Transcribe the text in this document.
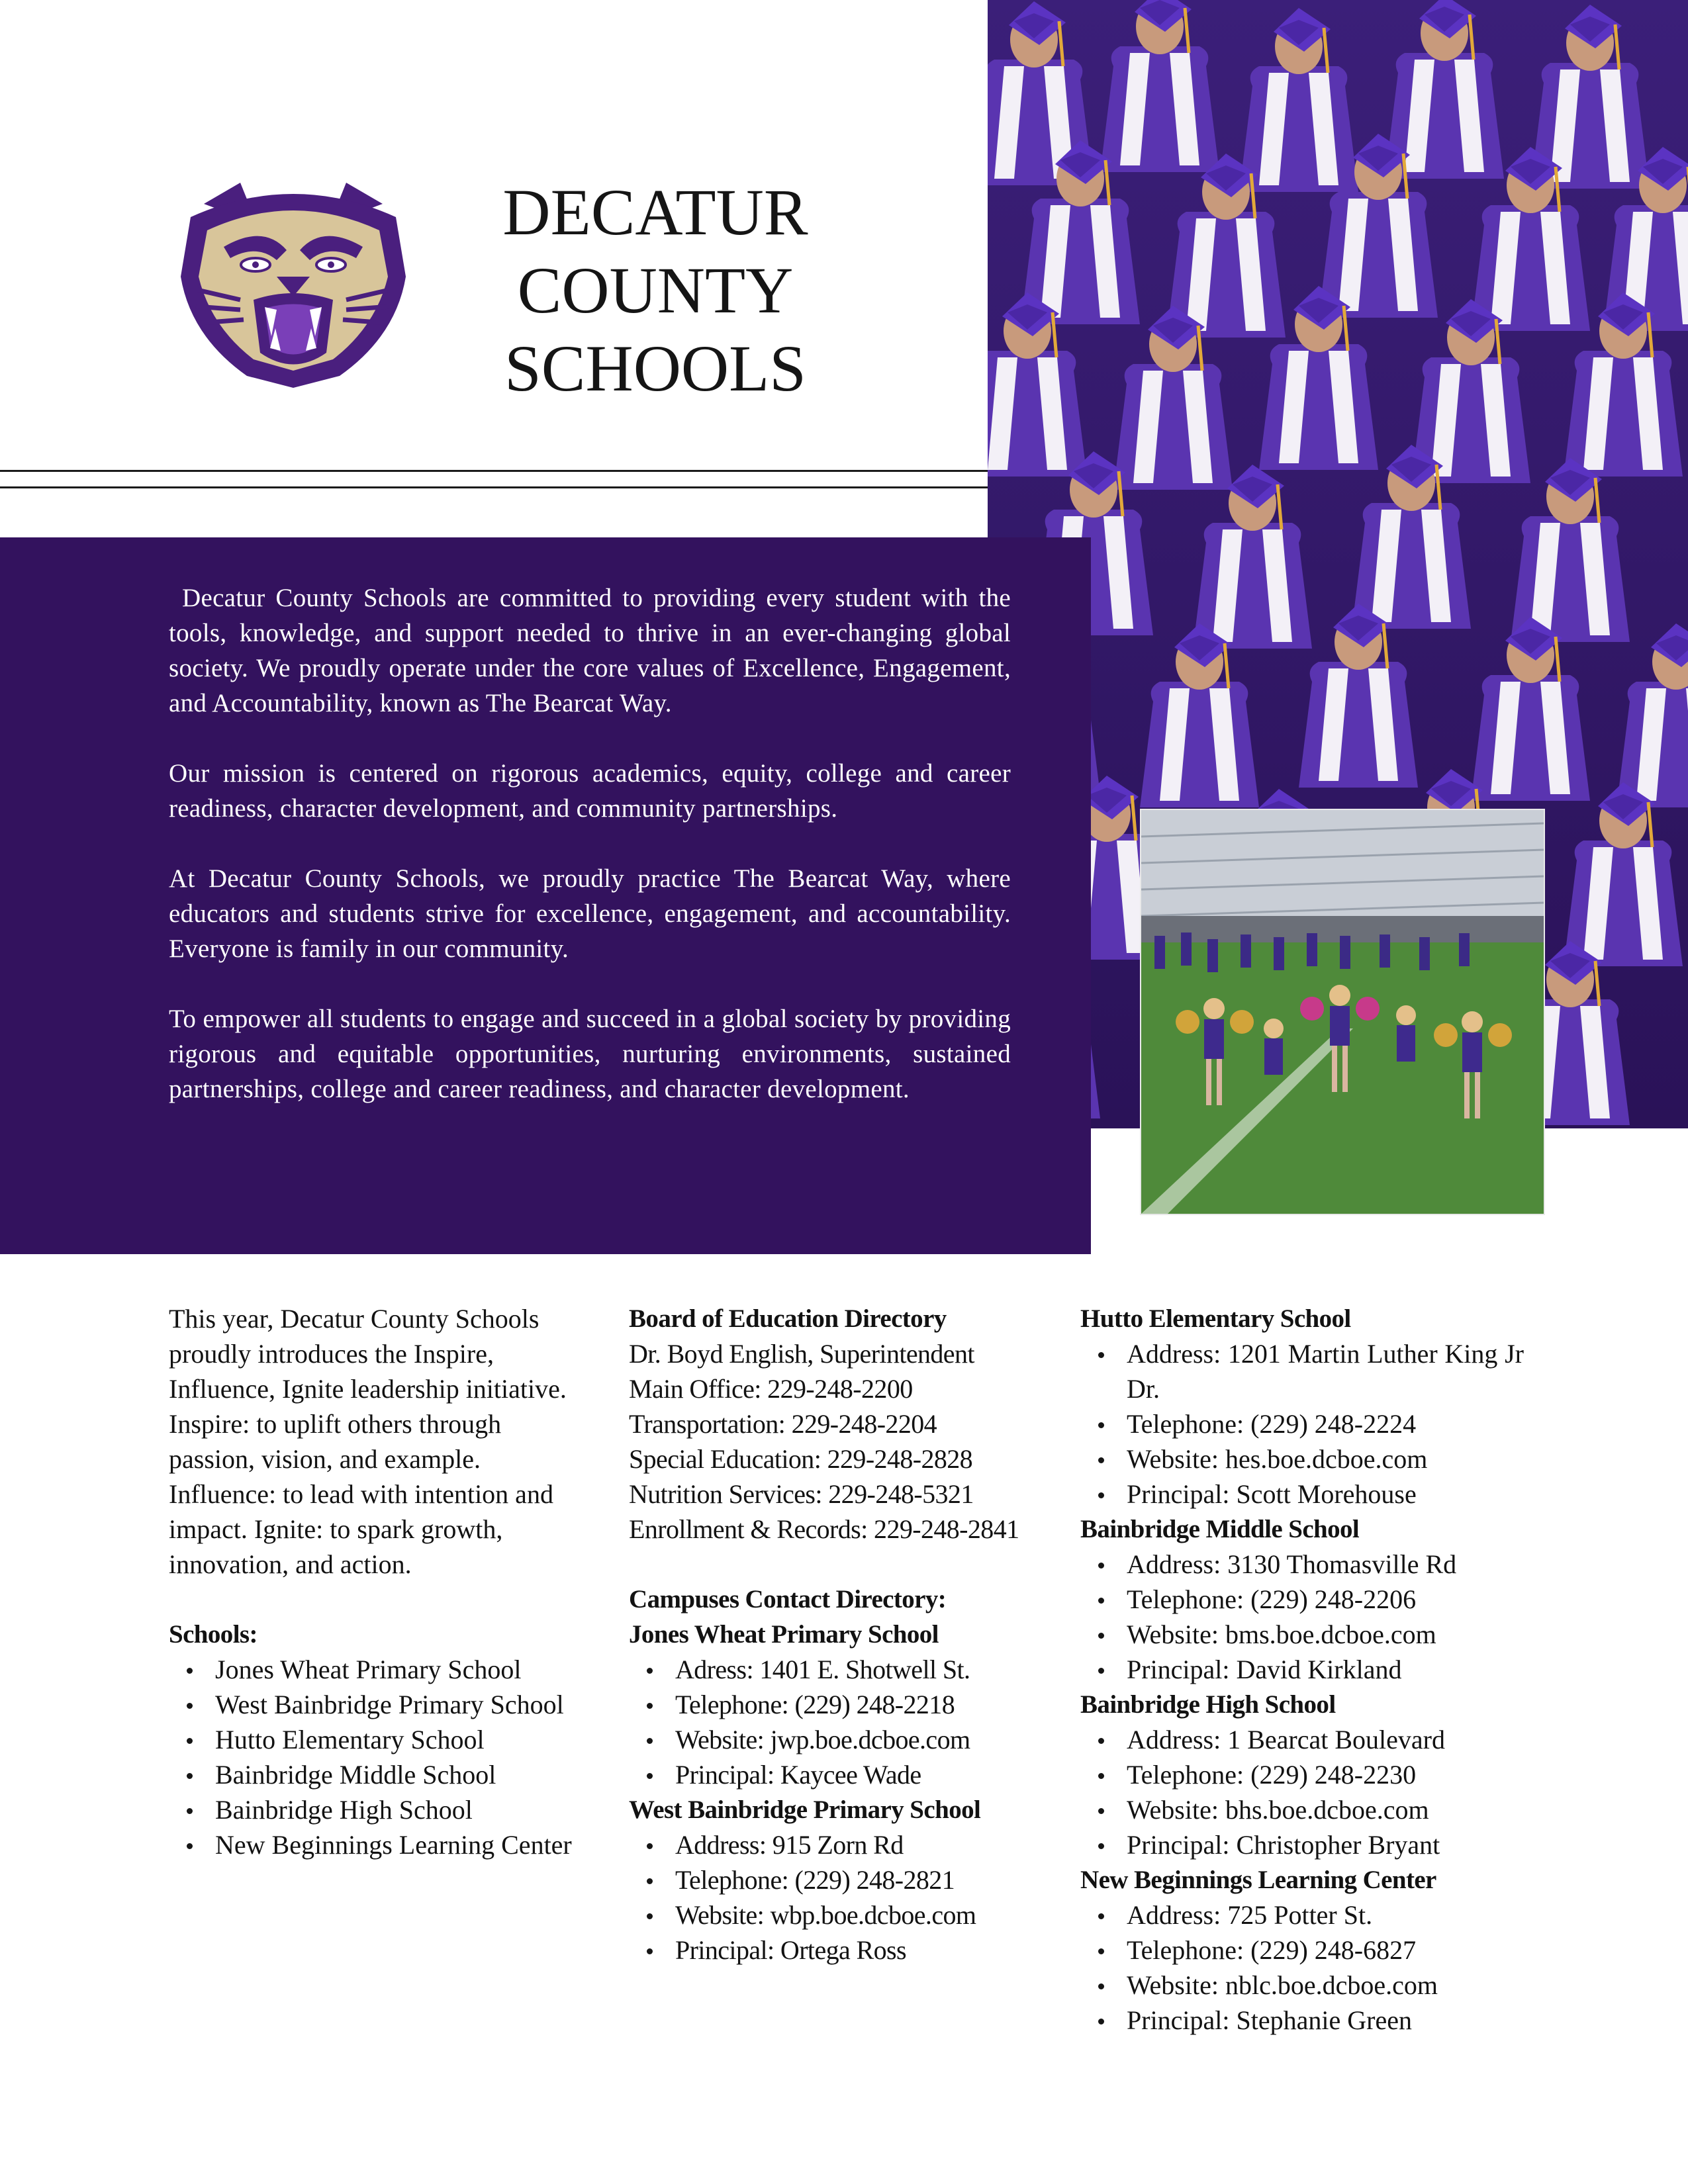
DECATUR
COUNTY
SCHOOLS

Decatur County Schools are committed to providing every student with the tools, knowledge, and support needed to thrive in an ever-changing global society. We proudly operate under the core values of Excellence, Engagement, and Accountability, known as The Bearcat Way.

Our mission is centered on rigorous academics, equity, college and career readiness, character development, and community partnerships.

At Decatur County Schools, we proudly practice The Bearcat Way, where educators and students strive for excellence, engagement, and accountability. Everyone is family in our community.

To empower all students to engage and succeed in a global society by providing rigorous and equitable opportunities, nurturing environments, sustained partnerships, college and career readiness, and character development.

This year, Decatur County Schools proudly introduces the Inspire, Influence, Ignite leadership initiative. Inspire: to uplift others through passion, vision, and example. Influence: to lead with intention and impact. Ignite: to spark growth, innovation, and action.

Schools:
Jones Wheat Primary School
West Bainbridge Primary School
Hutto Elementary School
Bainbridge Middle School
Bainbridge High School
New Beginnings Learning Center
Board of Education Directory
Dr. Boyd English, Superintendent
Main Office: 229-248-2200
Transportation: 229-248-2204
Special Education: 229-248-2828
Nutrition Services: 229-248-5321
Enrollment & Records: 229-248-2841
Campuses Contact Directory:
Jones Wheat Primary School
Adress: 1401 E. Shotwell St.
Telephone: (229) 248-2218
Website: jwp.boe.dcboe.com
Principal: Kaycee Wade
West Bainbridge Primary School
Address: 915 Zorn Rd
Telephone: (229) 248-2821
Website: wbp.boe.dcboe.com
Principal: Ortega Ross
Hutto Elementary School
Address: 1201 Martin Luther King Jr Dr.
Telephone: (229) 248-2224
Website: hes.boe.dcboe.com
Principal: Scott Morehouse
Bainbridge Middle School
Address: 3130 Thomasville Rd
Telephone: (229) 248-2206
Website: bms.boe.dcboe.com
Principal: David Kirkland
Bainbridge High School
Address: 1 Bearcat Boulevard
Telephone: (229) 248-2230
Website: bhs.boe.dcboe.com
Principal: Christopher Bryant
New Beginnings Learning Center
Address: 725 Potter St.
Telephone: (229) 248-6827
Website: nblc.boe.dcboe.com
Principal: Stephanie Green
